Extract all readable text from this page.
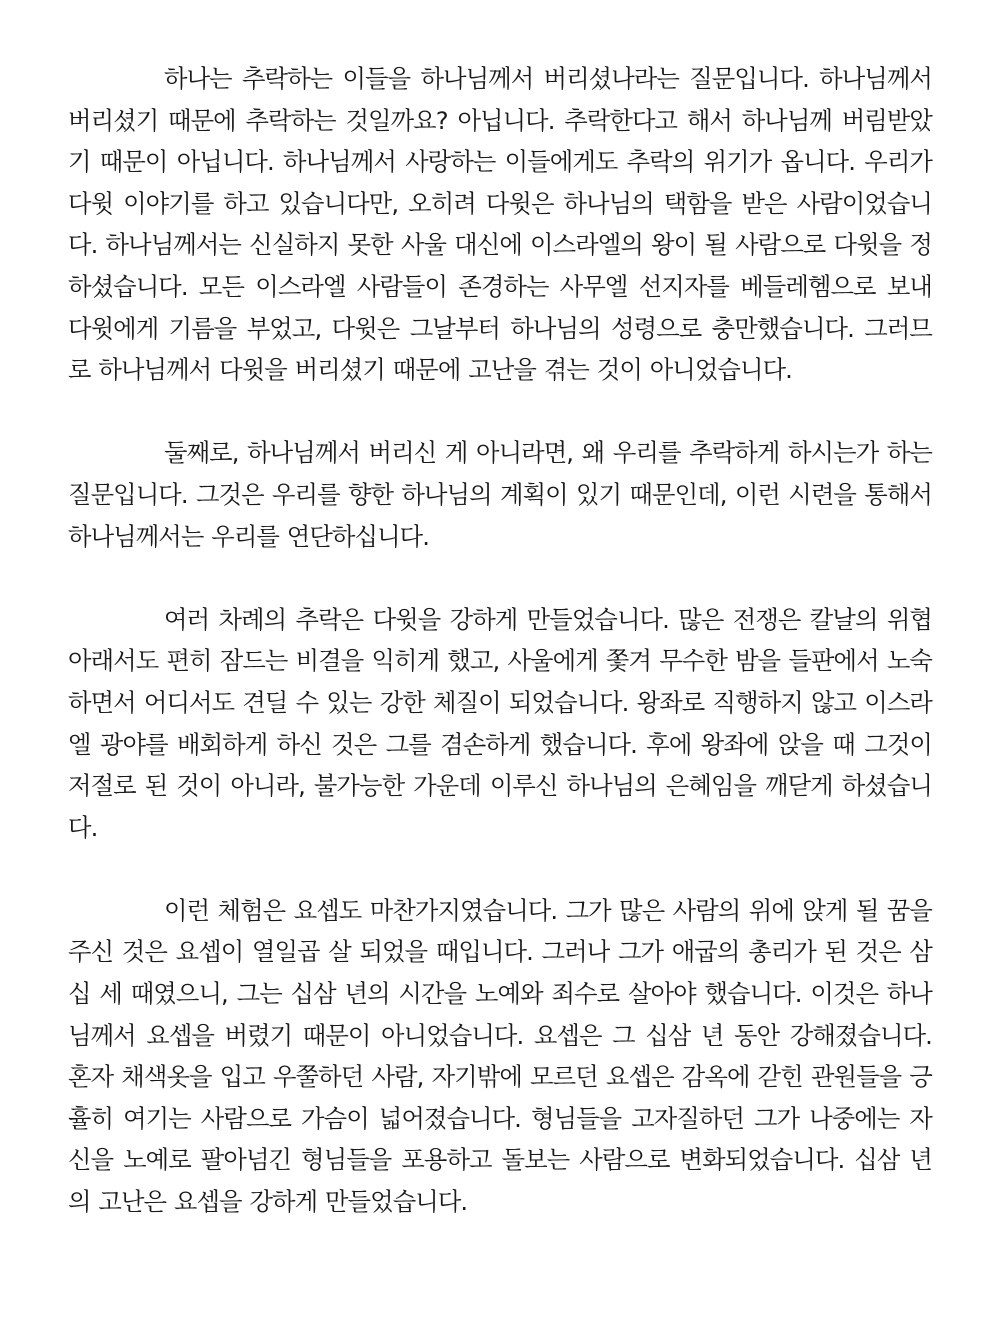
하나는 추락하는 이들을 하나님께서 버리셨나라는 질문입니다. 하나님께서 버리셨기 때문에 추락하는 것일까요? 아닙니다. 추락한다고 해서 하나님께 버림받았기 때문이 아닙니다. 하나님께서 사랑하는 이들에게도 추락의 위기가 옵니다. 우리가 다윗 이야기를 하고 있습니다만, 오히려 다윗은 하나님의 택함을 받은 사람이었습니다. 하나님께서는 신실하지 못한 사울 대신에 이스라엘의 왕이 될 사람으로 다윗을 정하셨습니다. 모든 이스라엘 사람들이 존경하는 사무엘 선지자를 베들레헴으로 보내 다윗에게 기름을 부었고, 다윗은 그날부터 하나님의 성령으로 충만했습니다. 그러므로 하나님께서 다윗을 버리셨기 때문에 고난을 겪는 것이 아니었습니다.

둘째로, 하나님께서 버리신 게 아니라면, 왜 우리를 추락하게 하시는가 하는 질문입니다. 그것은 우리를 향한 하나님의 계획이 있기 때문인데, 이런 시련을 통해서 하나님께서는 우리를 연단하십니다.

여러 차례의 추락은 다윗을 강하게 만들었습니다. 많은 전쟁은 칼날의 위협 아래서도 편히 잠드는 비결을 익히게 했고, 사울에게 쫓겨 무수한 밤을 들판에서 노숙하면서 어디서도 견딜 수 있는 강한 체질이 되었습니다. 왕좌로 직행하지 않고 이스라엘 광야를 배회하게 하신 것은 그를 겸손하게 했습니다. 후에 왕좌에 앉을 때 그것이 저절로 된 것이 아니라, 불가능한 가운데 이루신 하나님의 은혜임을 깨닫게 하셨습니다.

이런 체험은 요셉도 마찬가지였습니다. 그가 많은 사람의 위에 앉게 될 꿈을 주신 것은 요셉이 열일곱 살 되었을 때입니다. 그러나 그가 애굽의 총리가 된 것은 삼십 세 때였으니, 그는 십삼 년의 시간을 노예와 죄수로 살아야 했습니다. 이것은 하나님께서 요셉을 버렸기 때문이 아니었습니다. 요셉은 그 십삼 년 동안 강해졌습니다. 혼자 채색옷을 입고 우쭐하던 사람, 자기밖에 모르던 요셉은 감옥에 갇힌 관원들을 긍휼히 여기는 사람으로 가슴이 넓어졌습니다. 형님들을 고자질하던 그가 나중에는 자신을 노예로 팔아넘긴 형님들을 포용하고 돌보는 사람으로 변화되었습니다. 십삼 년의 고난은 요셉을 강하게 만들었습니다.
